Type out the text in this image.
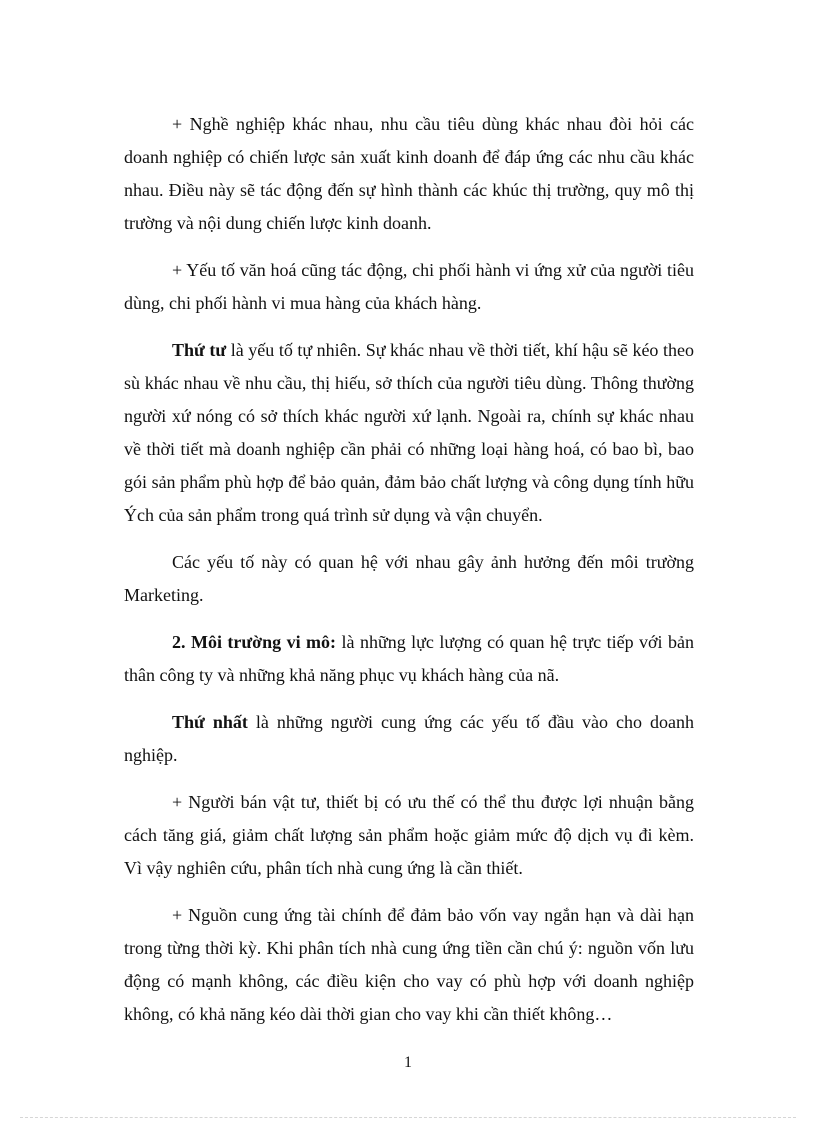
+ Nghề nghiệp khác nhau, nhu cầu tiêu dùng khác nhau đòi hỏi các doanh nghiệp có chiến lược sản xuất kinh doanh để đáp ứng các nhu cầu khác nhau. Điều này sẽ tác động đến sự hình thành các khúc thị trường, quy mô thị trường và nội dung chiến lược kinh doanh.

+ Yếu tố văn hoá cũng tác động, chi phối hành vi ứng xử của người tiêu dùng, chi phối hành vi mua hàng của khách hàng.

Thứ tư là yếu tố tự nhiên. Sự khác nhau về thời tiết, khí hậu sẽ kéo theo sù khác nhau về nhu cầu, thị hiếu, sở thích của người tiêu dùng. Thông thường người xứ nóng có sở thích khác người xứ lạnh. Ngoài ra, chính sự khác nhau về thời tiết mà doanh nghiệp cần phải có những loại hàng hoá, có bao bì, bao gói sản phẩm phù hợp để bảo quản, đảm bảo chất lượng và công dụng tính hữu Ých của sản phẩm trong quá trình sử dụng và vận chuyển.

Các yếu tố này có quan hệ với nhau gây ảnh hưởng đến môi trường Marketing.

2. Môi trường vi mô: là những lực lượng có quan hệ trực tiếp với bản thân công ty và những khả năng phục vụ khách hàng của nã.

Thứ nhất là những người cung ứng các yếu tố đầu vào cho doanh nghiệp.

+ Người bán vật tư, thiết bị có ưu thế có thể thu được lợi nhuận bằng cách tăng giá, giảm chất lượng sản phẩm hoặc giảm mức độ dịch vụ đi kèm. Vì vậy nghiên cứu, phân tích nhà cung ứng là cần thiết.

+ Nguồn cung ứng tài chính để đảm bảo vốn vay ngắn hạn và dài hạn trong từng thời kỳ. Khi phân tích nhà cung ứng tiền cần chú ý: nguồn vốn lưu động có mạnh không, các điều kiện cho vay có phù hợp với doanh nghiệp không, có khả năng kéo dài thời gian cho vay khi cần thiết không…

1
